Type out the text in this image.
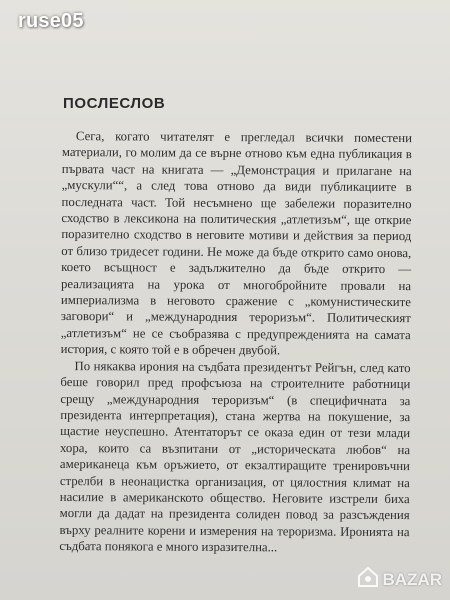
ruse05
ПОСЛЕСЛОВ

Сега, когато читателят е прегледал всички поместени материали, го молим да се върне отново към една публикация в първата част на книгата — „Демонстрация и прилагане на „мускули““, а след това отново да види публикациите в последната част. Той несъмнено ще забележи поразително сходство в лексикона на политическия „атлетизъм“, ще открие поразително сходство в неговите мотиви и действия за период от близо тридесет години. Не може да бъде открито само онова, което всъщност е задължително да бъде открито — реализацията на урока от многобройните провали на империализма в неговото сражение с „комунистическите заговори“ и „международния тероризъм“. Политическият „атлетизъм“ не се съобразява с предупрежденията на самата история, с която той е в обречен двубой.

По някаква ирония на съдбата президентът Рейгън, след като беше говорил пред профсъюза на строителните работници срещу „международния тероризъм“ (в специфичната за президента интерпретация), стана жертва на покушение, за щастие неуспешно. Атентаторът се оказа един от тези млади хора, които са възпитани от „историческата любов“ на американеца към оръжието, от екзалтиращите тренировъчни стрелби в неонацистка организация, от цялостния климат на насилие в американското общество. Неговите изстрели биха могли да дадат на президента солиден повод за разсъждения върху реалните корени и измерения на тероризма. Иронията на съдбата понякога е много изразителна...

BAZAR
